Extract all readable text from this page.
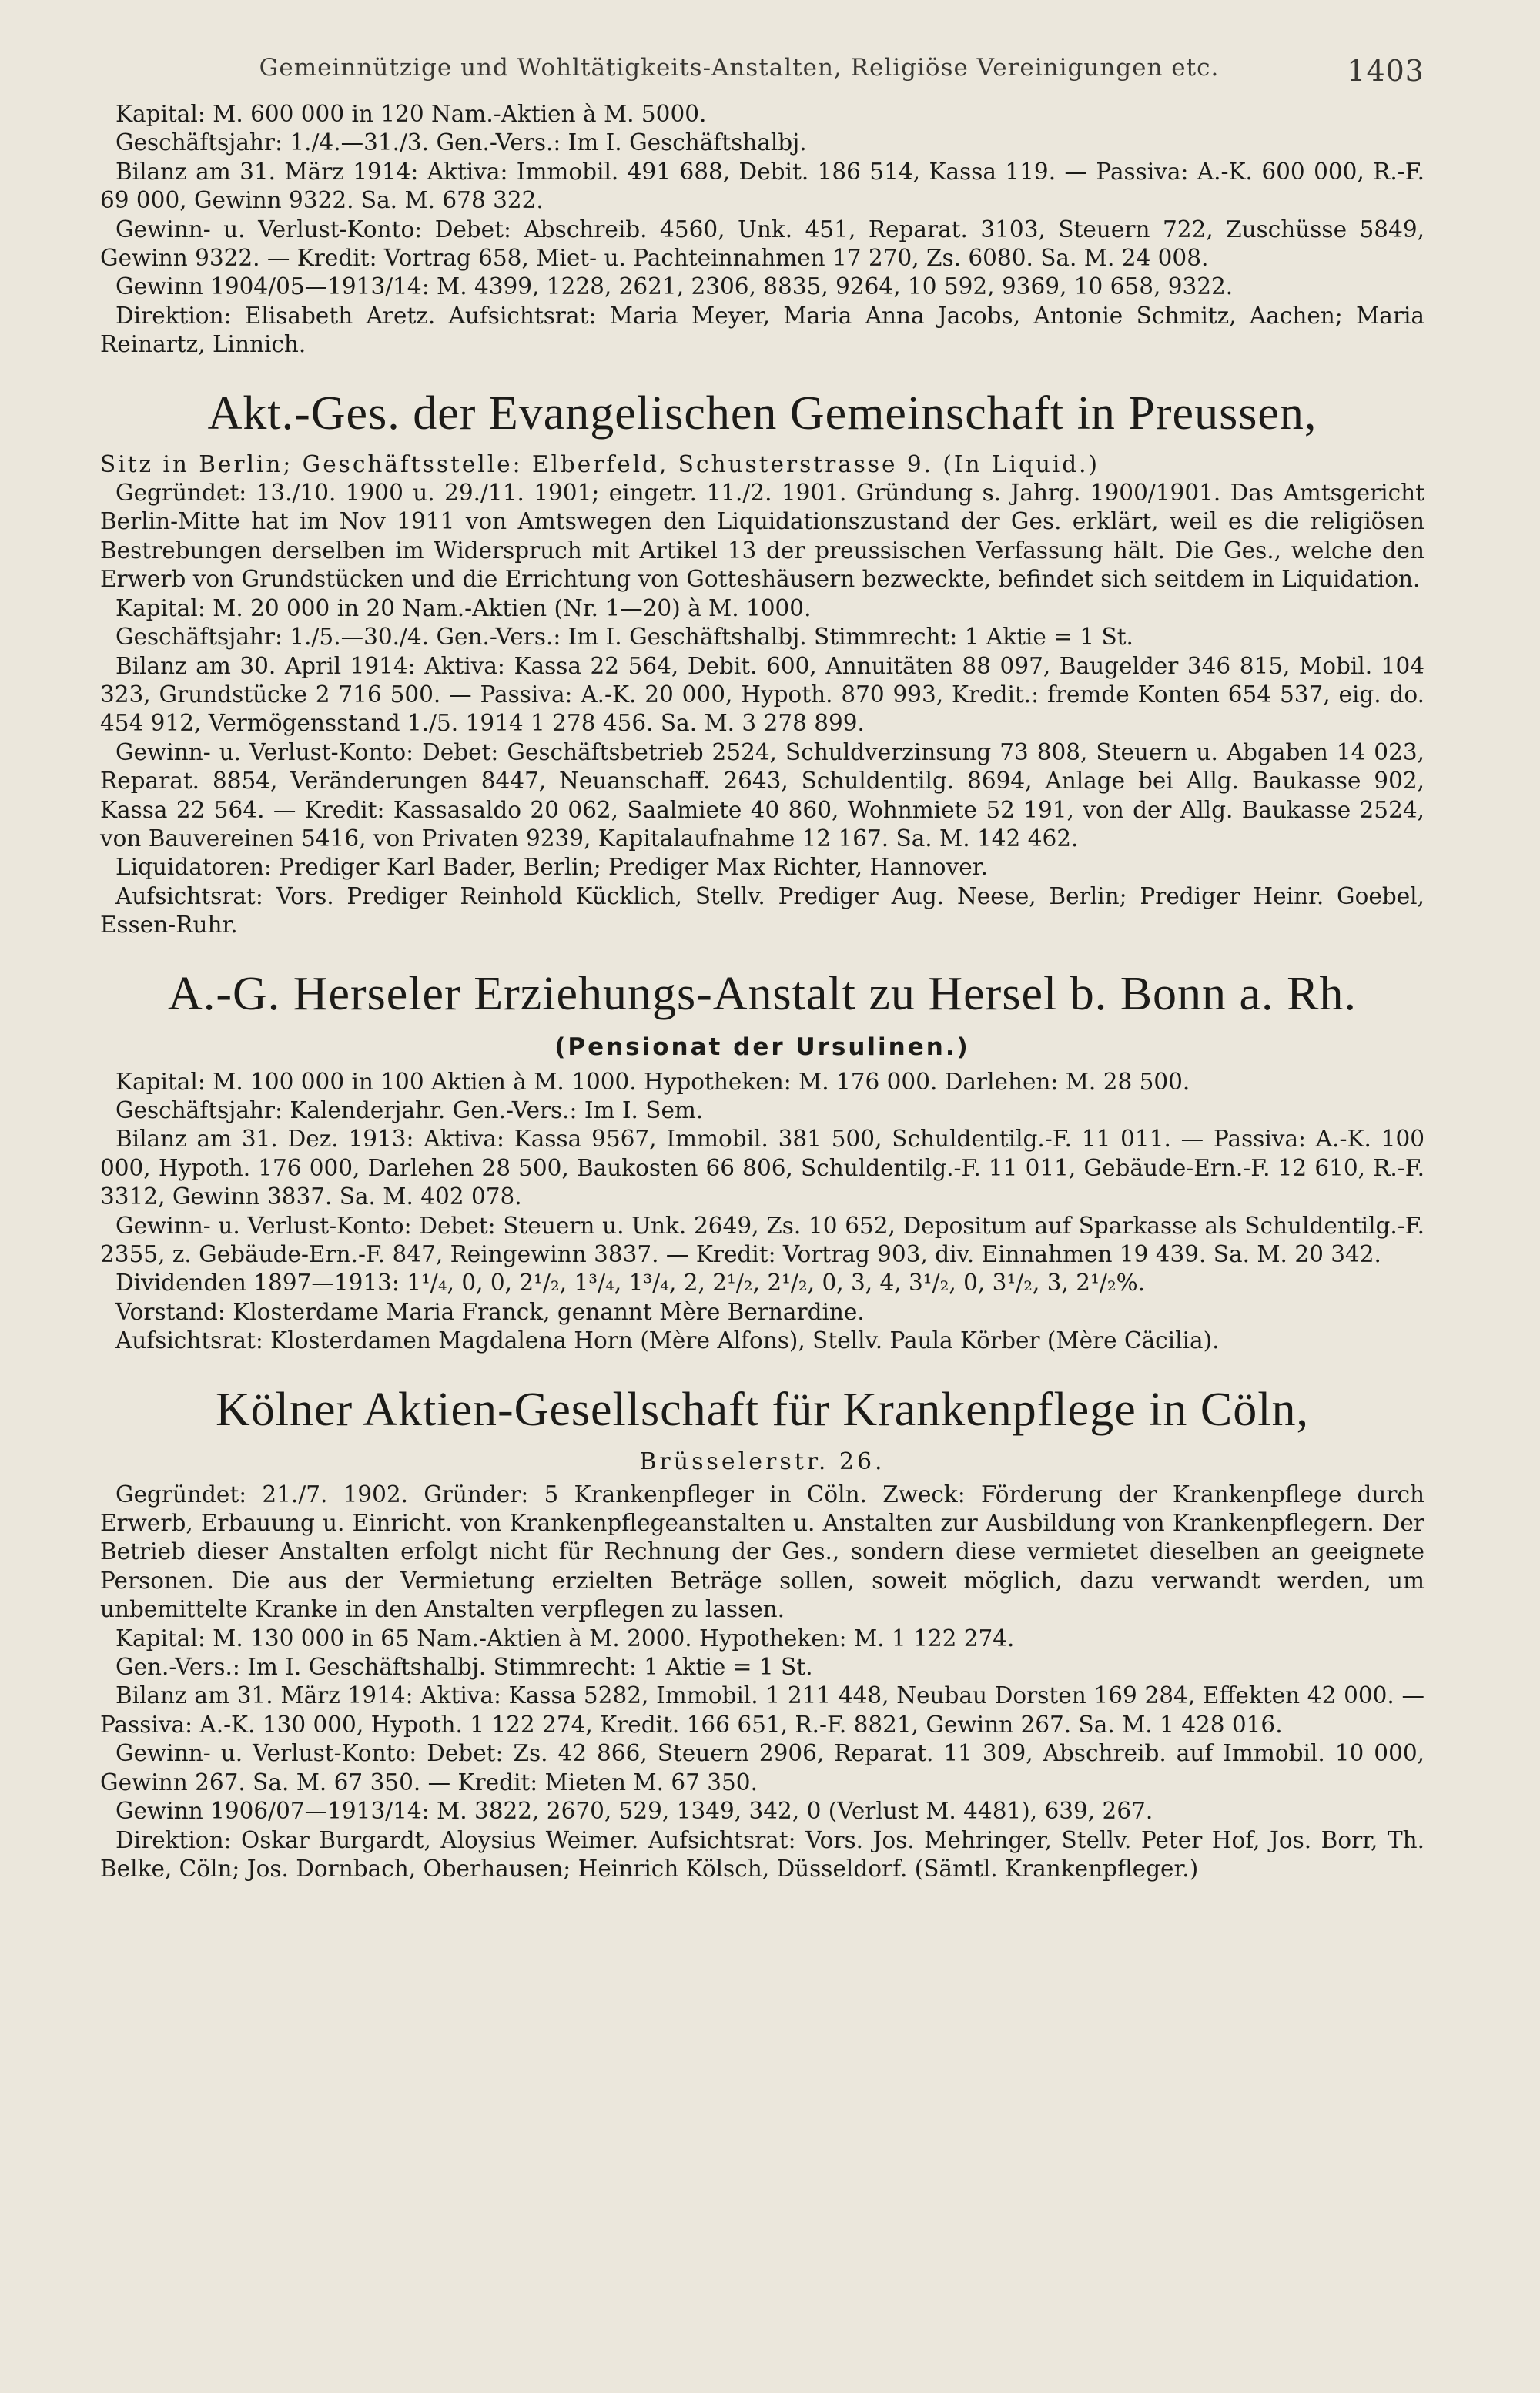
Gemeinnützige und Wohltätigkeits-Anstalten, Religiöse Vereinigungen etc.	1403

Kapital: M. 600 000 in 120 Nam.-Aktien à M. 5000.

Geschäftsjahr: 1./4.—31./3. Gen.-Vers.: Im I. Geschäftshalbj.

Bilanz am 31. März 1914: Aktiva: Immobil. 491 688, Debit. 186 514, Kassa 119. — Passiva: A.-K. 600 000, R.-F. 69 000, Gewinn 9322. Sa. M. 678 322.

Gewinn- u. Verlust-Konto: Debet: Abschreib. 4560, Unk. 451, Reparat. 3103, Steuern 722, Zuschüsse 5849, Gewinn 9322. — Kredit: Vortrag 658, Miet- u. Pachteinnahmen 17 270, Zs. 6080. Sa. M. 24 008.

Gewinn 1904/05—1913/14: M. 4399, 1228, 2621, 2306, 8835, 9264, 10 592, 9369, 10 658, 9322.

Direktion: Elisabeth Aretz. Aufsichtsrat: Maria Meyer, Maria Anna Jacobs, Antonie Schmitz, Aachen; Maria Reinartz, Linnich.

Akt.-Ges. der Evangelischen Gemeinschaft in Preussen,

Sitz in Berlin; Geschäftsstelle: Elberfeld, Schusterstrasse 9. (In Liquid.)

Gegründet: 13./10. 1900 u. 29./11. 1901; eingetr. 11./2. 1901. Gründung s. Jahrg. 1900/1901. Das Amtsgericht Berlin-Mitte hat im Nov 1911 von Amtswegen den Liquidationszustand der Ges. erklärt, weil es die religiösen Bestrebungen derselben im Widerspruch mit Artikel 13 der preussischen Verfassung hält. Die Ges., welche den Erwerb von Grundstücken und die Errichtung von Gotteshäusern bezweckte, befindet sich seitdem in Liquidation.

Kapital: M. 20 000 in 20 Nam.-Aktien (Nr. 1—20) à M. 1000.

Geschäftsjahr: 1./5.—30./4. Gen.-Vers.: Im I. Geschäftshalbj. Stimmrecht: 1 Aktie = 1 St.

Bilanz am 30. April 1914: Aktiva: Kassa 22 564, Debit. 600, Annuitäten 88 097, Baugelder 346 815, Mobil. 104 323, Grundstücke 2 716 500. — Passiva: A.-K. 20 000, Hypoth. 870 993, Kredit.: fremde Konten 654 537, eig. do. 454 912, Vermögensstand 1./5. 1914 1 278 456. Sa. M. 3 278 899.

Gewinn- u. Verlust-Konto: Debet: Geschäftsbetrieb 2524, Schuldverzinsung 73 808, Steuern u. Abgaben 14 023, Reparat. 8854, Veränderungen 8447, Neuanschaff. 2643, Schuldentilg. 8694, Anlage bei Allg. Baukasse 902, Kassa 22 564. — Kredit: Kassasaldo 20 062, Saalmiete 40 860, Wohnmiete 52 191, von der Allg. Baukasse 2524, von Bauvereinen 5416, von Privaten 9239, Kapitalaufnahme 12 167. Sa. M. 142 462.

Liquidatoren: Prediger Karl Bader, Berlin; Prediger Max Richter, Hannover.

Aufsichtsrat: Vors. Prediger Reinhold Kücklich, Stellv. Prediger Aug. Neese, Berlin; Prediger Heinr. Goebel, Essen-Ruhr.

A.-G. Herseler Erziehungs-Anstalt zu Hersel b. Bonn a. Rh.
(Pensionat der Ursulinen.)

Kapital: M. 100 000 in 100 Aktien à M. 1000. Hypotheken: M. 176 000. Darlehen: M. 28 500.

Geschäftsjahr: Kalenderjahr. Gen.-Vers.: Im I. Sem.

Bilanz am 31. Dez. 1913: Aktiva: Kassa 9567, Immobil. 381 500, Schuldentilg.-F. 11 011. — Passiva: A.-K. 100 000, Hypoth. 176 000, Darlehen 28 500, Baukosten 66 806, Schuldentilg.-F. 11 011, Gebäude-Ern.-F. 12 610, R.-F. 3312, Gewinn 3837. Sa. M. 402 078.

Gewinn- u. Verlust-Konto: Debet: Steuern u. Unk. 2649, Zs. 10 652, Depositum auf Sparkasse als Schuldentilg.-F. 2355, z. Gebäude-Ern.-F. 847, Reingewinn 3837. — Kredit: Vortrag 903, div. Einnahmen 19 439. Sa. M. 20 342.

Dividenden 1897—1913: 1¹/₄, 0, 0, 2¹/₂, 1³/₄, 1³/₄, 2, 2¹/₂, 2¹/₂, 0, 3, 4, 3¹/₂, 0, 3¹/₂, 3, 2¹/₂%.

Vorstand: Klosterdame Maria Franck, genannt Mère Bernardine.

Aufsichtsrat: Klosterdamen Magdalena Horn (Mère Alfons), Stellv. Paula Körber (Mère Cäcilia).

Kölner Aktien-Gesellschaft für Krankenpflege in Cöln,
Brüsselerstr. 26.

Gegründet: 21./7. 1902. Gründer: 5 Krankenpfleger in Cöln. Zweck: Förderung der Krankenpflege durch Erwerb, Erbauung u. Einricht. von Krankenpflegeanstalten u. Anstalten zur Ausbildung von Krankenpflegern. Der Betrieb dieser Anstalten erfolgt nicht für Rechnung der Ges., sondern diese vermietet dieselben an geeignete Personen. Die aus der Vermietung erzielten Beträge sollen, soweit möglich, dazu verwandt werden, um unbemittelte Kranke in den Anstalten verpflegen zu lassen.

Kapital: M. 130 000 in 65 Nam.-Aktien à M. 2000. Hypotheken: M. 1 122 274.

Gen.-Vers.: Im I. Geschäftshalbj. Stimmrecht: 1 Aktie = 1 St.

Bilanz am 31. März 1914: Aktiva: Kassa 5282, Immobil. 1 211 448, Neubau Dorsten 169 284, Effekten 42 000. — Passiva: A.-K. 130 000, Hypoth. 1 122 274, Kredit. 166 651, R.-F. 8821, Gewinn 267. Sa. M. 1 428 016.

Gewinn- u. Verlust-Konto: Debet: Zs. 42 866, Steuern 2906, Reparat. 11 309, Abschreib. auf Immobil. 10 000, Gewinn 267. Sa. M. 67 350. — Kredit: Mieten M. 67 350.

Gewinn 1906/07—1913/14: M. 3822, 2670, 529, 1349, 342, 0 (Verlust M. 4481), 639, 267.

Direktion: Oskar Burgardt, Aloysius Weimer. Aufsichtsrat: Vors. Jos. Mehringer, Stellv. Peter Hof, Jos. Borr, Th. Belke, Cöln; Jos. Dornbach, Oberhausen; Heinrich Kölsch, Düsseldorf. (Sämtl. Krankenpfleger.)
